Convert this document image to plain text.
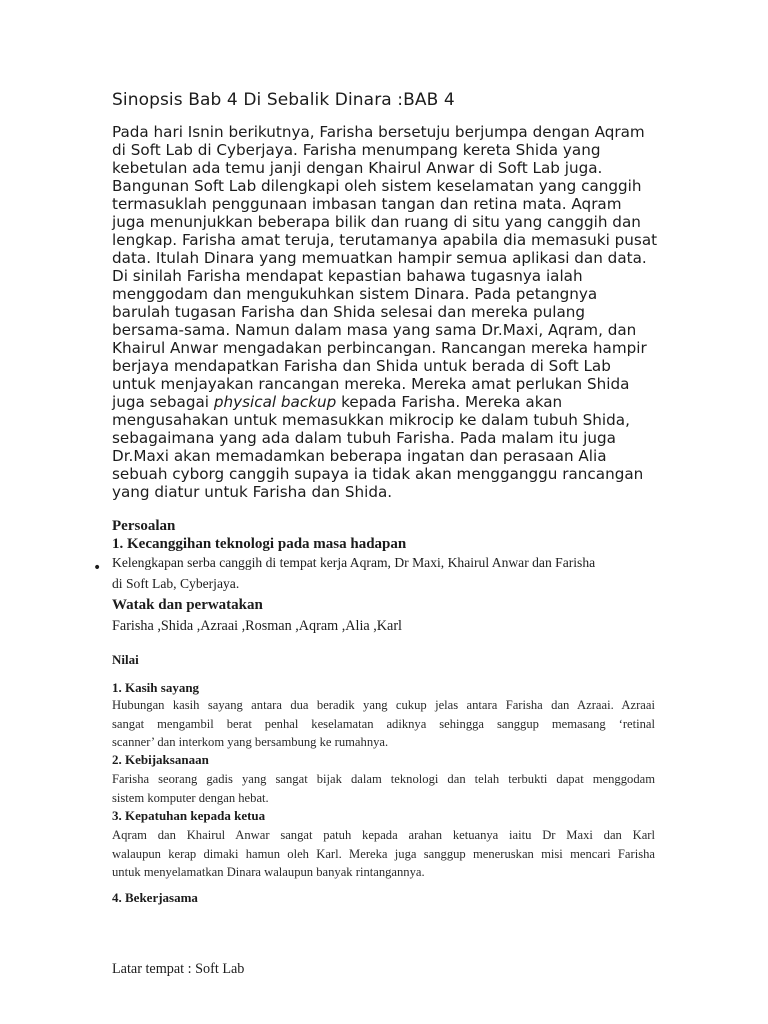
Sinopsis Bab 4 Di Sebalik Dinara :BAB 4
Pada hari Isnin berikutnya, Farisha bersetuju berjumpa dengan Aqram
di Soft Lab di Cyberjaya. Farisha menumpang kereta Shida yang
kebetulan ada temu janji dengan Khairul Anwar di Soft Lab juga.
Bangunan Soft Lab dilengkapi oleh sistem keselamatan yang canggih
termasuklah penggunaan imbasan tangan dan retina mata. Aqram
juga menunjukkan beberapa bilik dan ruang di situ yang canggih dan
lengkap. Farisha amat teruja, terutamanya apabila dia memasuki pusat
data. Itulah Dinara yang memuatkan hampir semua aplikasi dan data.
Di sinilah Farisha mendapat kepastian bahawa tugasnya ialah
menggodam dan mengukuhkan sistem Dinara. Pada petangnya
barulah tugasan Farisha dan Shida selesai dan mereka pulang
bersama-sama. Namun dalam masa yang sama Dr.Maxi, Aqram, dan
Khairul Anwar mengadakan perbincangan. Rancangan mereka hampir
berjaya mendapatkan Farisha dan Shida untuk berada di Soft Lab
untuk menjayakan rancangan mereka. Mereka amat perlukan Shida
juga sebagai physical backup kepada Farisha. Mereka akan
mengusahakan untuk memasukkan mikrocip ke dalam tubuh Shida,
sebagaimana yang ada dalam tubuh Farisha. Pada malam itu juga
Dr.Maxi akan memadamkan beberapa ingatan dan perasaan Alia
sebuah cyborg canggih supaya ia tidak akan mengganggu rancangan
yang diatur untuk Farisha dan Shida.

Persoalan

1. Kecanggihan teknologi pada masa hadapan

• Kelengkapan serba canggih di tempat kerja Aqram, Dr Maxi, Khairul Anwar dan Farisha

di Soft Lab, Cyberjaya.

Watak dan perwatakan

Farisha ,Shida ,Azraai ,Rosman ,Aqram ,Alia ,Karl

Nilai

1. Kasih sayang

Hubungan kasih sayang antara dua beradik yang cukup jelas antara Farisha dan Azraai. Azraai
sangat mengambil berat penhal keselamatan adiknya sehingga sanggup memasang ‘retinal
scanner’ dan interkom yang bersambung ke rumahnya.

2. Kebijaksanaan

Farisha seorang gadis yang sangat bijak dalam teknologi dan telah terbukti dapat menggodam
sistem komputer dengan hebat.

3. Kepatuhan kepada ketua

Aqram dan Khairul Anwar sangat patuh kepada arahan ketuanya iaitu Dr Maxi dan Karl
walaupun kerap dimaki hamun oleh Karl. Mereka juga sanggup meneruskan misi mencari Farisha
untuk menyelamatkan Dinara walaupun banyak rintangannya.

4. Bekerjasama

Latar tempat : Soft Lab
